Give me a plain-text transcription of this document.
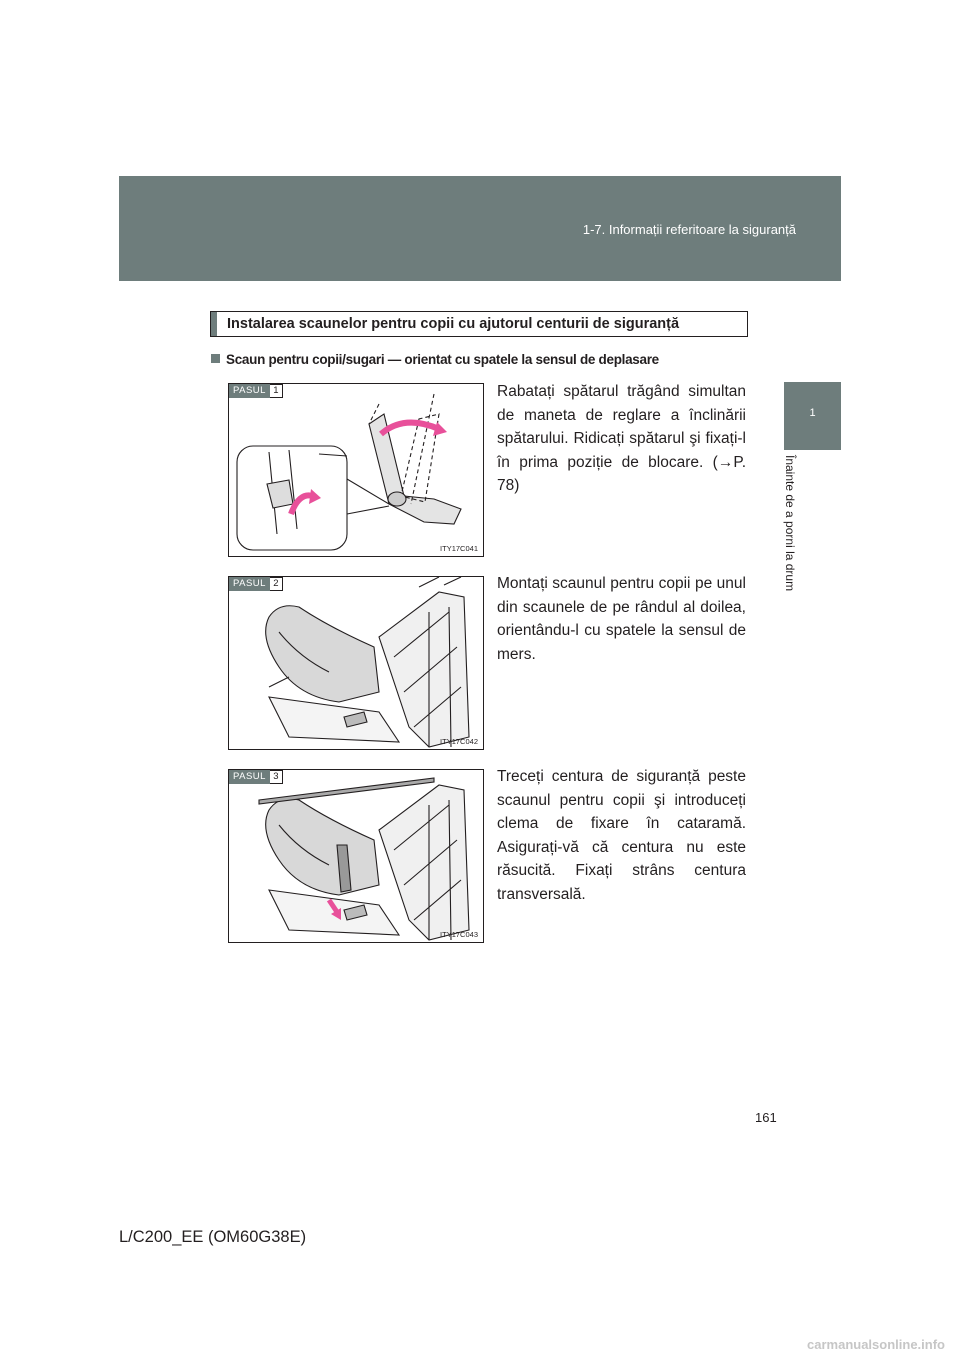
1-7. Informații referitoare la siguranță
1
Înainte de a porni la drum
Instalarea scaunelor pentru copii cu ajutorul centurii de siguranță
Scaun pentru copii/sugari — orientat cu spatele la sensul de deplasare
PASUL 1
ITY17C041
Rabatați spătarul trăgând simultan de maneta de reglare a înclinării spătarului. Ridicați spătarul şi fixați-l în prima poziție de blocare. (→P. 78)
PASUL 2
ITY17C042
Montați scaunul pentru copii pe unul din scaunele de pe rândul al doilea, orientându-l cu spatele la sensul de mers.
PASUL 3
ITY17C043
Treceți centura de siguranță peste scaunul pentru copii şi introduceți clema de fixare în cataramă. Asigurați-vă că centura nu este răsucită. Fixați strâns centura transversală.
161
L/C200_EE (OM60G38E)
carmanualsonline.info
